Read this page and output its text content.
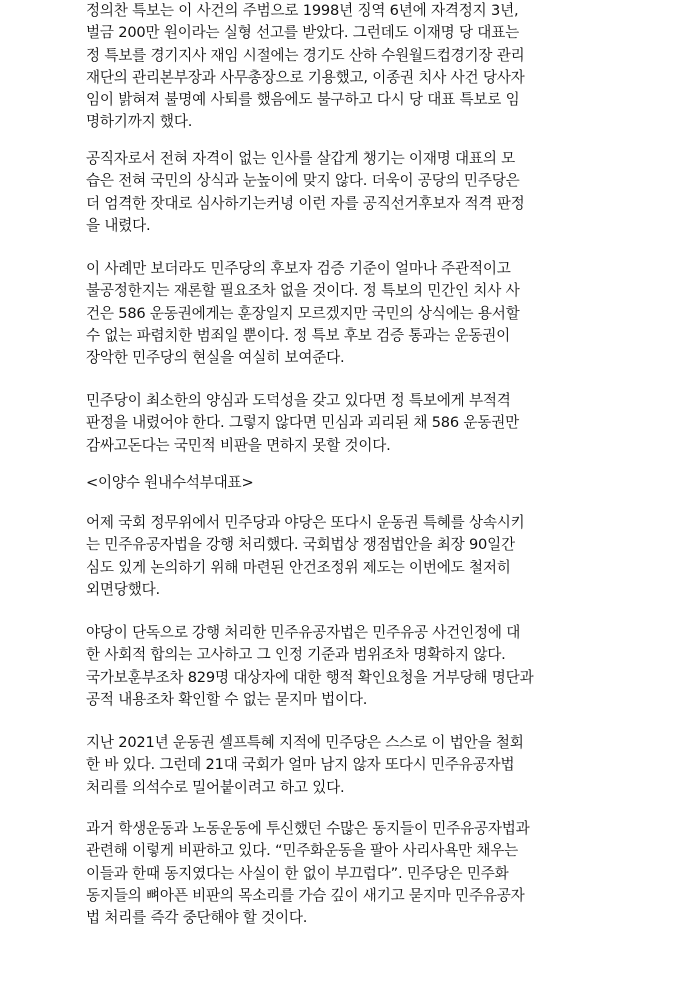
정의찬 특보는 이 사건의 주범으로 1998년 징역 6년에 자격정지 3년,
벌금 200만 원이라는 실형 선고를 받았다. 그런데도 이재명 당 대표는
정 특보를 경기지사 재임 시절에는 경기도 산하 수원월드컵경기장 관리
재단의 관리본부장과 사무총장으로 기용했고, 이종권 치사 사건 당사자
임이 밝혀져 불명예 사퇴를 했음에도 불구하고 다시 당 대표 특보로 임
명하기까지 했다.

공직자로서 전혀 자격이 없는 인사를 살갑게 챙기는 이재명 대표의 모
습은 전혀 국민의 상식과 눈높이에 맞지 않다. 더욱이 공당의 민주당은
더 엄격한 잣대로 심사하기는커녕 이런 자를 공직선거후보자 적격 판정
을 내렸다.

이 사례만 보더라도 민주당의 후보자 검증 기준이 얼마나 주관적이고
불공정한지는 재론할 필요조차 없을 것이다. 정 특보의 민간인 치사 사
건은 586 운동권에게는 훈장일지 모르겠지만 국민의 상식에는 용서할
수 없는 파렴치한 범죄일 뿐이다. 정 특보 후보 검증 통과는 운동권이
장악한 민주당의 현실을 여실히 보여준다.

민주당이 최소한의 양심과 도덕성을 갖고 있다면 정 특보에게 부적격
판정을 내렸어야 한다. 그렇지 않다면 민심과 괴리된 채 586 운동권만
감싸고돈다는 국민적 비판을 면하지 못할 것이다.

<이양수 원내수석부대표>

어제 국회 정무위에서 민주당과 야당은 또다시 운동권 특혜를 상속시키
는 민주유공자법을 강행 처리했다. 국회법상 쟁점법안을 최장 90일간
심도 있게 논의하기 위해 마련된 안건조정위 제도는 이번에도 철저히
외면당했다.

야당이 단독으로 강행 처리한 민주유공자법은 민주유공 사건인정에 대
한 사회적 합의는 고사하고 그 인정 기준과 범위조차 명확하지 않다.
국가보훈부조차 829명 대상자에 대한 행적 확인요청을 거부당해 명단과
공적 내용조차 확인할 수 없는 묻지마 법이다.

지난 2021년 운동권 셀프특혜 지적에 민주당은 스스로 이 법안을 철회
한 바 있다. 그런데 21대 국회가 얼마 남지 않자 또다시 민주유공자법
처리를 의석수로 밀어붙이려고 하고 있다.

과거 학생운동과 노동운동에 투신했던 수많은 동지들이 민주유공자법과
관련해 이렇게 비판하고 있다. “민주화운동을 팔아 사리사욕만 채우는
이들과 한때 동지였다는 사실이 한 없이 부끄럽다”. 민주당은 민주화
동지들의 뼈아픈 비판의 목소리를 가슴 깊이 새기고 묻지마 민주유공자
법 처리를 즉각 중단해야 할 것이다.
